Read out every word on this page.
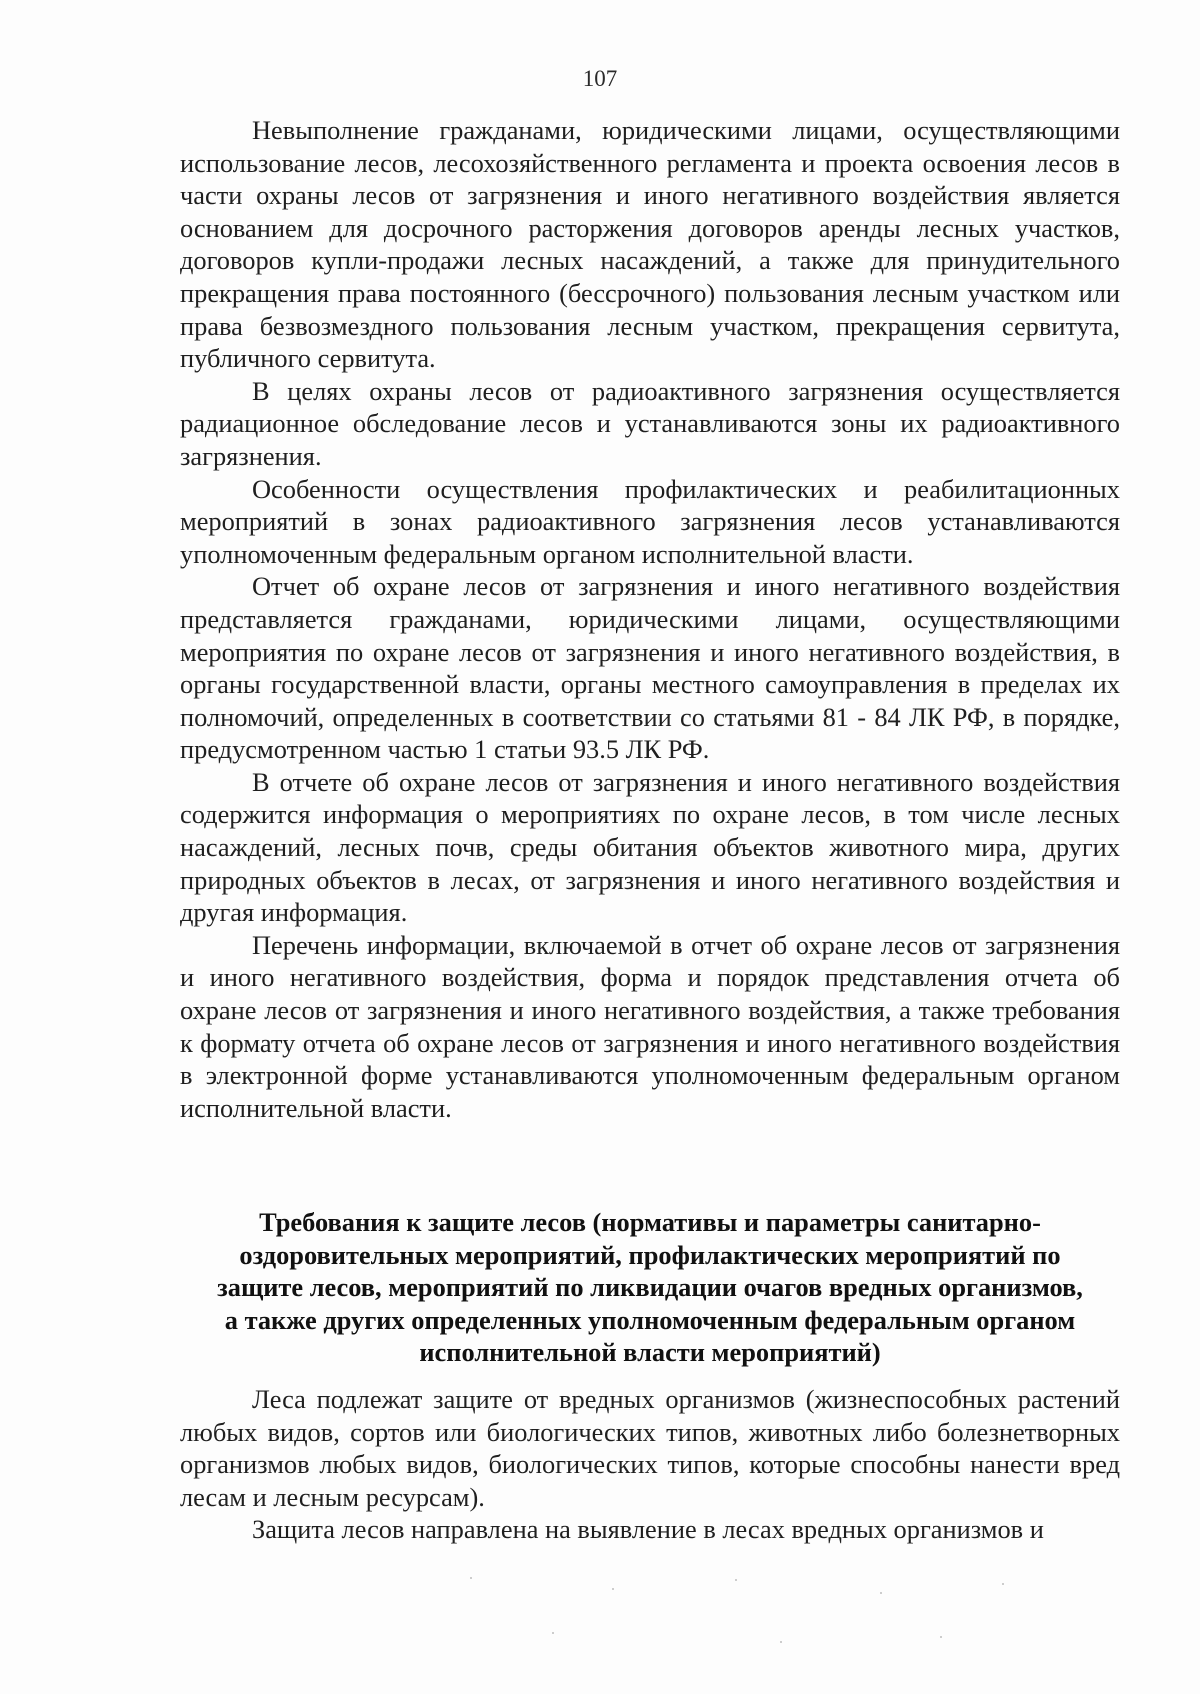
107

Невыполнение гражданами, юридическими лицами, осуществляющими использование лесов, лесохозяйственного регламента и проекта освоения лесов в части охраны лесов от загрязнения и иного негативного воздействия является основанием для досрочного расторжения договоров аренды лесных участков, договоров купли-продажи лесных насаждений, а также для принудительного прекращения права постоянного (бессрочного) пользования лесным участком или права безвозмездного пользования лесным участком, прекращения сервитута, публичного сервитута.

В целях охраны лесов от радиоактивного загрязнения осуществляется радиационное обследование лесов и устанавливаются зоны их радиоактивного загрязнения.

Особенности осуществления профилактических и реабилитационных мероприятий в зонах радиоактивного загрязнения лесов устанавливаются уполномоченным федеральным органом исполнительной власти.

Отчет об охране лесов от загрязнения и иного негативного воздействия представляется гражданами, юридическими лицами, осуществляющими мероприятия по охране лесов от загрязнения и иного негативного воздействия, в органы государственной власти, органы местного самоуправления в пределах их полномочий, определенных в соответствии со статьями 81 - 84 ЛК РФ, в порядке, предусмотренном частью 1 статьи 93.5 ЛК РФ.

В отчете об охране лесов от загрязнения и иного негативного воздействия содержится информация о мероприятиях по охране лесов, в том числе лесных насаждений, лесных почв, среды обитания объектов животного мира, других природных объектов в лесах, от загрязнения и иного негативного воздействия и другая информация.

Перечень информации, включаемой в отчет об охране лесов от загрязнения и иного негативного воздействия, форма и порядок представления отчета об охране лесов от загрязнения и иного негативного воздействия, а также требования к формату отчета об охране лесов от загрязнения и иного негативного воздействия в электронной форме устанавливаются уполномоченным федеральным органом исполнительной власти.

Требования к защите лесов (нормативы и параметры санитарно-

оздоровительных мероприятий, профилактических мероприятий по

защите лесов, мероприятий по ликвидации очагов вредных организмов,

а также других определенных уполномоченным федеральным органом

исполнительной власти мероприятий)

Леса подлежат защите от вредных организмов (жизнеспособных растений любых видов, сортов или биологических типов, животных либо болезнетворных организмов любых видов, биологических типов, которые способны нанести вред лесам и лесным ресурсам).

Защита лесов направлена на выявление в лесах вредных организмов и
